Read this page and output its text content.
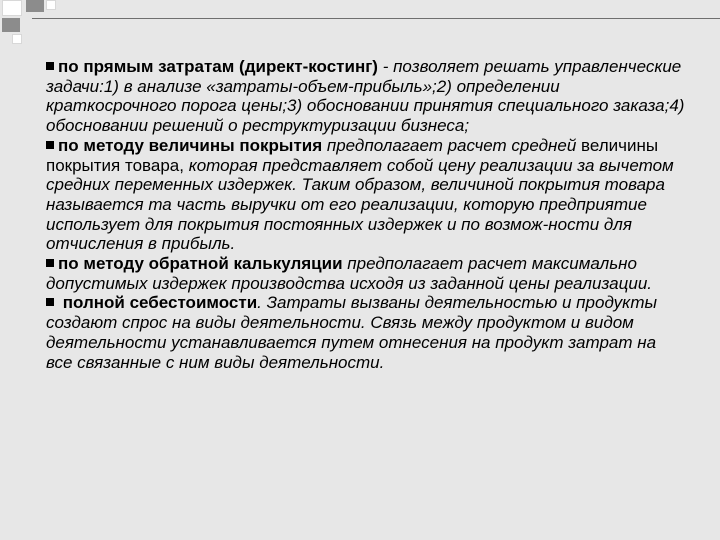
по прямым затратам (директ-костинг) - позволяет решать управленческие задачи:1) в анализе «затраты-объем-прибыль»;2) определении краткосрочного порога цены;3) обосновании принятия специального заказа;4) обосновании решений о реструктуризации бизнеса;

по методу величины покрытия предполагает расчет средней величины покрытия товара, которая представляет собой цену реализации за вычетом средних переменных издержек. Таким образом, величиной покрытия товара называется та часть выручки от его реализации, которую предприятие использует для покрытия постоянных издержек и по возмож-ности для отчисления в прибыль.

по методу обратной калькуляции предполагает расчет максимально допустимых издержек производства исходя из заданной цены реализации.

полной себестоимости. Затраты вызваны деятельностью и продукты создают спрос на виды деятельности. Связь между продуктом и видом деятельности устанавливается путем отнесения на продукт затрат на все связанные с ним виды деятельности.
